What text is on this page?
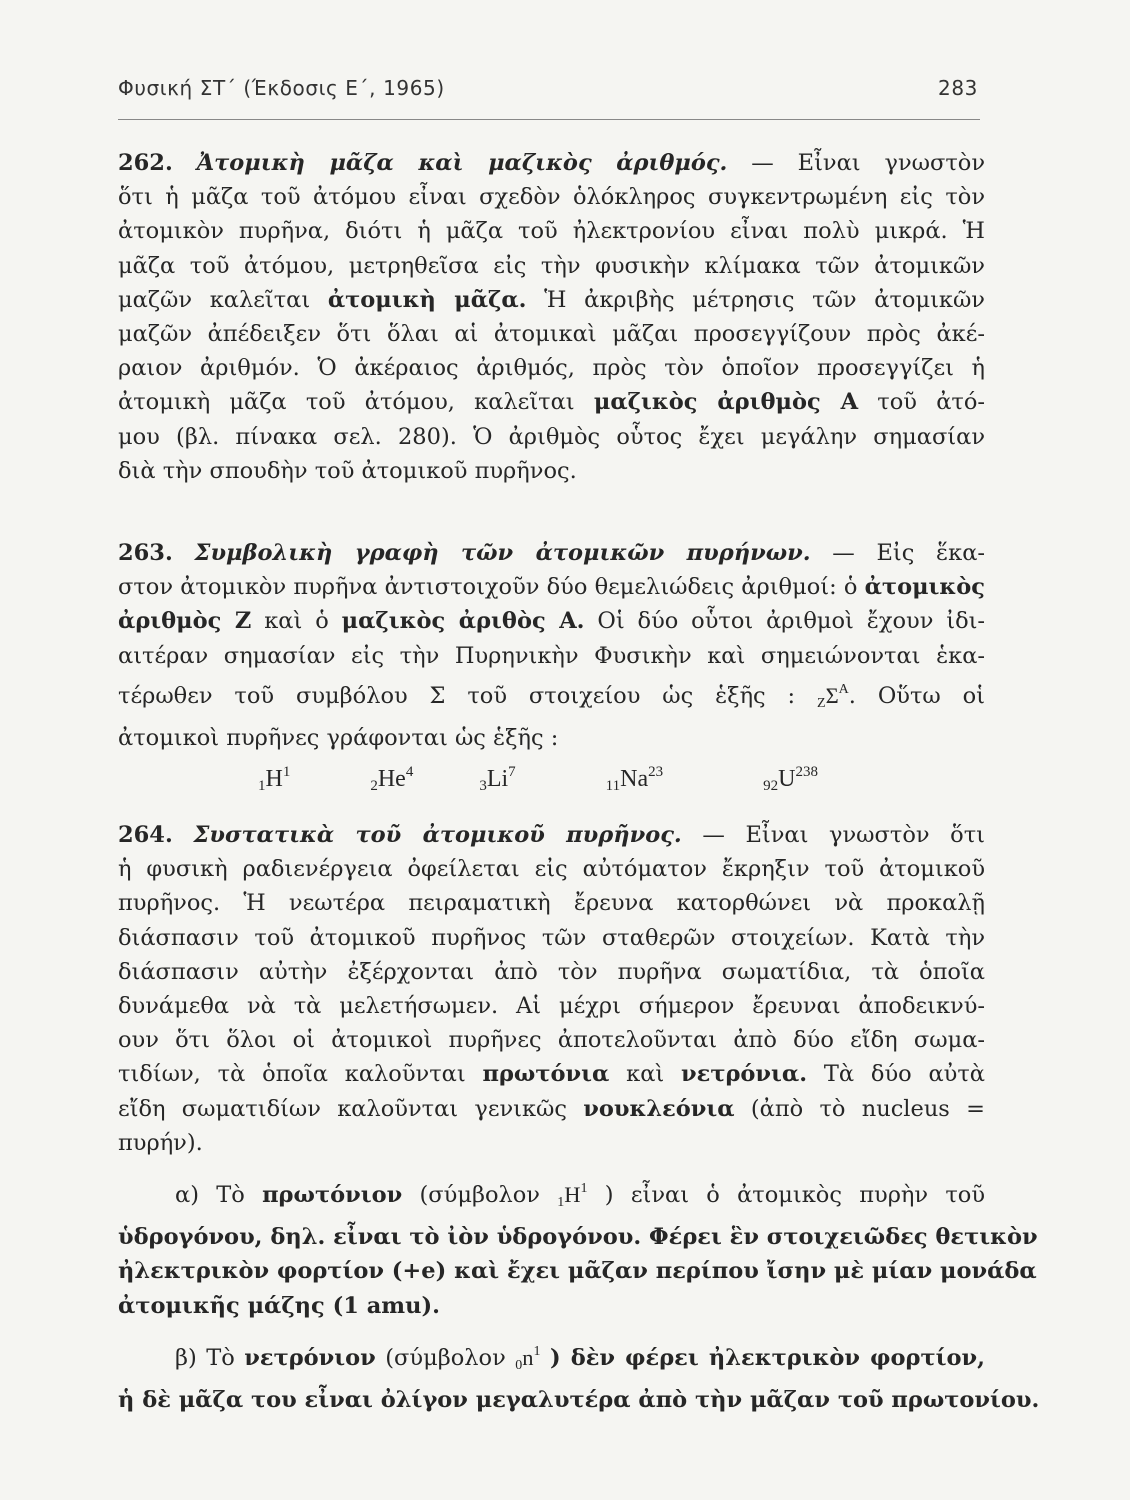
Φυσική ΣΤ΄ (Έκδοσις Ε΄, 1965)	283
262. Ἀτομικὴ μᾶζα καὶ μαζικὸς ἀριθμός. — Εἶναι γνωστὸν
ὅτι ἡ μᾶζα τοῦ ἀτόμου εἶναι σχεδὸν ὁλόκληρος συγκεντρωμένη εἰς τὸν
ἀτομικὸν πυρῆνα, διότι ἡ μᾶζα τοῦ ἠλεκτρονίου εἶναι πολὺ μικρά. Ἡ
μᾶζα τοῦ ἀτόμου, μετρηθεῖσα εἰς τὴν φυσικὴν κλίμακα τῶν ἀτομικῶν
μαζῶν καλεῖται ἀτομικὴ μᾶζα. Ἡ ἀκριβὴς μέτρησις τῶν ἀτομικῶν
μαζῶν ἀπέδειξεν ὅτι ὅλαι αἱ ἀτομικαὶ μᾶζαι προσεγγίζουν πρὸς ἀκέ-
ραιον ἀριθμόν. Ὁ ἀκέραιος ἀριθμός, πρὸς τὸν ὁποῖον προσεγγίζει ἡ
ἀτομικὴ μᾶζα τοῦ ἀτόμου, καλεῖται μαζικὸς ἀριθμὸς Α τοῦ ἀτό-
μου (βλ. πίνακα σελ. 280). Ὁ ἀριθμὸς οὗτος ἔχει μεγάλην σημασίαν
διὰ τὴν σπουδὴν τοῦ ἀτομικοῦ πυρῆνος.
263. Συμβολικὴ γραφὴ τῶν ἀτομικῶν πυρήνων. — Εἰς ἕκα-
στον ἀτομικὸν πυρῆνα ἀντιστοιχοῦν δύο θεμελιώδεις ἀριθμοί: ὁ ἀτομικὸς
ἀριθμὸς Ζ καὶ ὁ μαζικὸς ἀριθὸς Α. Οἱ δύο οὗτοι ἀριθμοὶ ἔχουν ἰδι-
αιτέραν σημασίαν εἰς τὴν Πυρηνικὴν Φυσικὴν καὶ σημειώνονται ἑκα-
τέρωθεν τοῦ συμβόλου Σ τοῦ στοιχείου ὡς ἑξῆς : $_Z\Sigma^A$. Οὕτω οἱ
ἀτομικοὶ πυρῆνες γράφονται ὡς ἑξῆς :
$_1H^1$
$_2He^4$
$_3Li^7$
$_{11}Na^{23}$
$_{92}U^{238}$
264. Συστατικὰ τοῦ ἀτομικοῦ πυρῆνος. — Εἶναι γνωστὸν ὅτι
ἡ φυσικὴ ραδιενέργεια ὀφείλεται εἰς αὐτόματον ἔκρηξιν τοῦ ἀτομικοῦ
πυρῆνος. Ἡ νεωτέρα πειραματικὴ ἔρευνα κατορθώνει νὰ προκαλῇ
διάσπασιν τοῦ ἀτομικοῦ πυρῆνος τῶν σταθερῶν στοιχείων. Κατὰ τὴν
διάσπασιν αὐτὴν ἐξέρχονται ἀπὸ τὸν πυρῆνα σωματίδια, τὰ ὁποῖα
δυνάμεθα νὰ τὰ μελετήσωμεν. Αἱ μέχρι σήμερον ἔρευναι ἀποδεικνύ-
ουν ὅτι ὅλοι οἱ ἀτομικοὶ πυρῆνες ἀποτελοῦνται ἀπὸ δύο εἴδη σωμα-
τιδίων, τὰ ὁποῖα καλοῦνται πρωτόνια καὶ νετρόνια. Τὰ δύο αὐτὰ
εἴδη σωματιδίων καλοῦνται γενικῶς νουκλεόνια (ἀπὸ τὸ nucleus =
πυρήν).
α) Τὸ πρωτόνιον (σύμβολον $_1H^1$ ) εἶναι ὁ ἀτομικὸς πυρὴν τοῦ
ὑδρογόνου, δηλ. εἶναι τὸ ἰὸν ὑδρογόνου. Φέρει ἓν στοιχειῶδες θετικὸν
ἠλεκτρικὸν φορτίον (+e) καὶ ἔχει μᾶζαν περίπου ἴσην μὲ μίαν μονάδα
ἀτομικῆς μάζης (1 amu).
β) Τὸ νετρόνιον (σύμβολον $_0n^1$ ) δὲν φέρει ἠλεκτρικὸν φορτίον,
ἡ δὲ μᾶζα του εἶναι ὀλίγον μεγαλυτέρα ἀπὸ τὴν μᾶζαν τοῦ πρωτονίου.
